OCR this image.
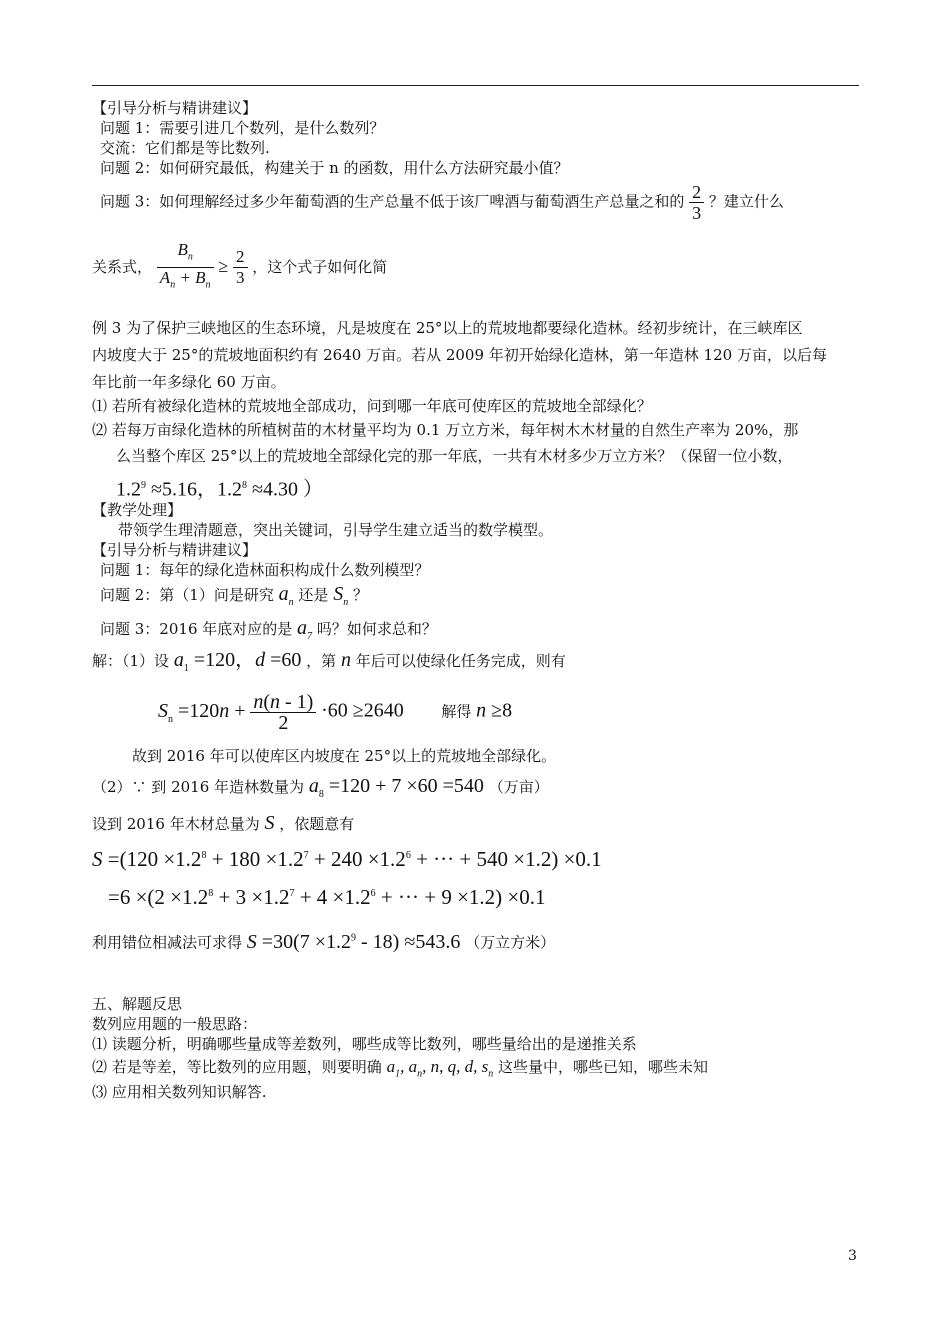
【引导分析与精讲建议】
问题 1：需要引进几个数列，是什么数列？
交流：它们都是等比数列.
问题 2：如何研究最低，构建关于 n 的函数，用什么方法研究最小值？
问题 3：如何理解经过多少年葡萄酒的生产总量不低于该厂啤酒与葡萄酒生产总量之和的 $\frac{2}{3}$ ？建立什么
关系式， $\frac{B_n}{A_n + B_n} \ge \frac{2}{3}$ ，这个式子如何化简
例 3 为了保护三峡地区的生态环境，凡是坡度在 25°以上的荒坡地都要绿化造林。经初步统计，在三峡库区
内坡度大于 25°的荒坡地面积约有 2640 万亩。若从 2009 年初开始绿化造林，第一年造林 120 万亩，以后每
年比前一年多绿化 60 万亩。
⑴ 若所有被绿化造林的荒坡地全部成功，问到哪一年底可使库区的荒坡地全部绿化？
⑵ 若每万亩绿化造林的所植树苗的木材量平均为 0.1 万立方米，每年树木木材量的自然生产率为 20%，那
么当整个库区 25°以上的荒坡地全部绿化完的那一年底，一共有木材多少万立方米？（保留一位小数，
$1.2^9 \approx 5.16$，$1.2^8 \approx 4.30$ ）
【教学处理】
带领学生理清题意，突出关键词，引导学生建立适当的数学模型。
【引导分析与精讲建议】
问题 1：每年的绿化造林面积构成什么数列模型？
问题 2：第（1）问是研究 $a_n$ 还是 $S_n$ ？
问题 3：2016 年底对应的是 $a_7$ 吗？如何求总和？
解：（1）设 $a_1 =120$，d =60 ，第 n 年后可以使绿化任务完成，则有
$S_n =120n + \frac{n(n - 1)}{2} \cdot 60 \ge 2640$	解得 n ≥8
故到 2016 年可以使库区内坡度在 25°以上的荒坡地全部绿化。
（2）∵ 到 2016 年造林数量为 $a_8 =120 + 7 \times 60 =540$ （万亩）
设到 2016 年木材总量为 S ，依题意有
$S =(120 \times 1.2^8 + 180 \times 1.2^7 + 240 \times 1.2^6$ + ··· + 540 ×1.2) ×0.1
$=6 \times(2 \times 1.2^8 + 3 \times 1.2^7 + 4 \times 1.2^6$ + ··· + 9 ×1.2) ×0.1
利用错位相减法可求得 $S =30(7 \times 1.2^9 - 18) \approx 543.6$ （万立方米）
五、解题反思
数列应用题的一般思路：
⑴ 读题分析，明确哪些量成等差数列，哪些成等比数列，哪些量给出的是递推关系
⑵ 若是等差，等比数列的应用题，则要明确 $a_1$, $a_n$, n, q, d, $s_n$ 这些量中，哪些已知，哪些未知
⑶ 应用相关数列知识解答.
3
